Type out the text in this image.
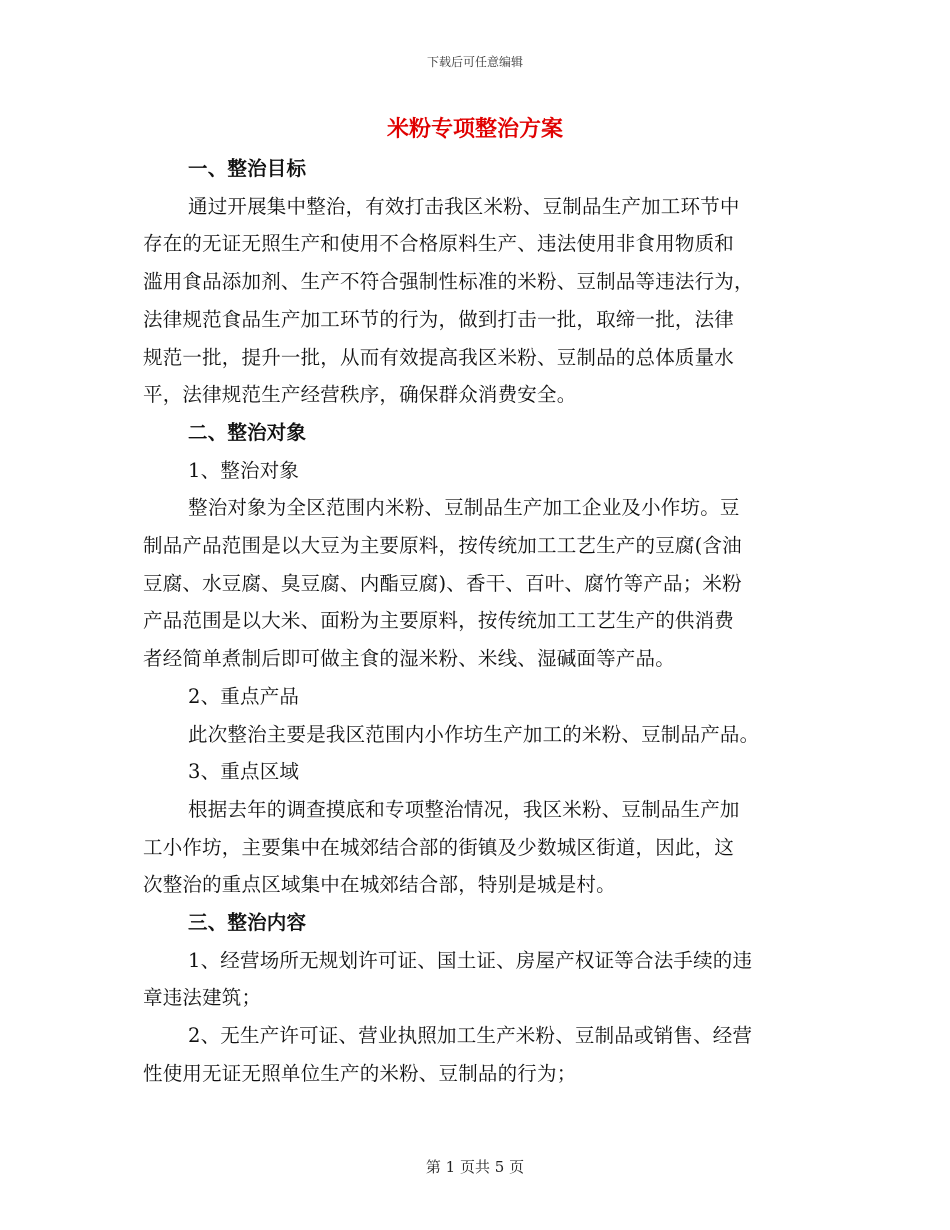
下载后可任意编辑
米粉专项整治方案
一、整治目标
通过开展集中整治，有效打击我区米粉、豆制品生产加工环节中
存在的无证无照生产和使用不合格原料生产、违法使用非食用物质和
滥用食品添加剂、生产不符合强制性标准的米粉、豆制品等违法行为，
法律规范食品生产加工环节的行为，做到打击一批，取缔一批，法律
规范一批，提升一批，从而有效提高我区米粉、豆制品的总体质量水
平，法律规范生产经营秩序，确保群众消费安全。
二、整治对象
1、整治对象
整治对象为全区范围内米粉、豆制品生产加工企业及小作坊。豆
制品产品范围是以大豆为主要原料，按传统加工工艺生产的豆腐(含油
豆腐、水豆腐、臭豆腐、内酯豆腐)、香干、百叶、腐竹等产品；米粉
产品范围是以大米、面粉为主要原料，按传统加工工艺生产的供消费
者经简单煮制后即可做主食的湿米粉、米线、湿碱面等产品。
2、重点产品
此次整治主要是我区范围内小作坊生产加工的米粉、豆制品产品。
3、重点区域
根据去年的调查摸底和专项整治情况，我区米粉、豆制品生产加
工小作坊，主要集中在城郊结合部的街镇及少数城区街道，因此，这
次整治的重点区域集中在城郊结合部，特别是城是村。
三、整治内容
1、经营场所无规划许可证、国土证、房屋产权证等合法手续的违
章违法建筑；
2、无生产许可证、营业执照加工生产米粉、豆制品或销售、经营
性使用无证无照单位生产的米粉、豆制品的行为；
第 1 页共 5 页
